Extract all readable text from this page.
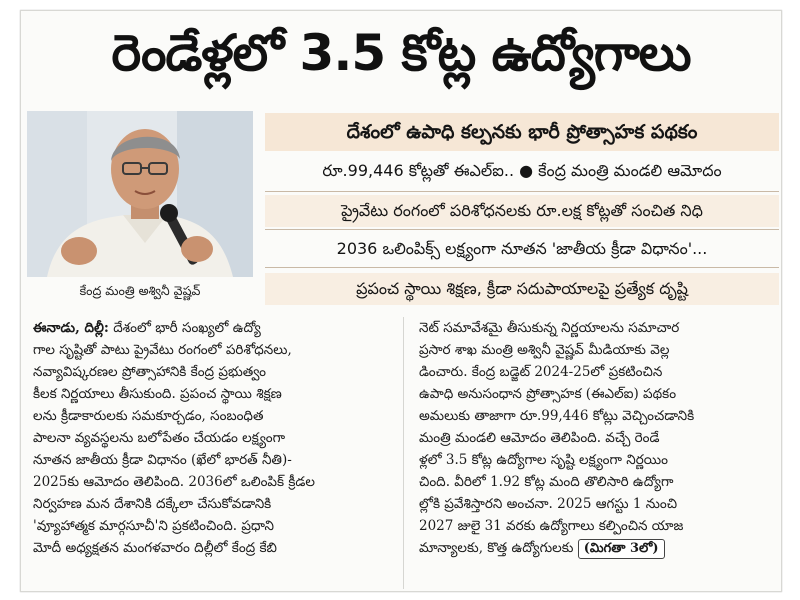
రెండేళ్లలో 3.5 కోట్ల ఉద్యోగాలు
కేంద్ర మంత్రి అశ్వినీ వైష్ణవ్
దేశంలో ఉపాధి కల్పనకు భారీ ప్రోత్సాహక పథకం
రూ.99,446 కోట్లతో ఈఎల్ఐ.. ● కేంద్ర మంత్రి మండలి ఆమోదం
ప్రైవేటు రంగంలో పరిశోధనలకు రూ.లక్ష కోట్లతో సంచిత నిధి
2036 ఒలింపిక్స్ లక్ష్యంగా నూతన 'జాతీయ క్రీడా విధానం'...
ప్రపంచ స్థాయి శిక్షణ, క్రీడా సదుపాయాలపై ప్రత్యేక దృష్టి

ఈనాడు, దిల్లీ: దేశంలో భారీ సంఖ్యలో ఉద్యో

గాల సృష్టితో పాటు ప్రైవేటు రంగంలో పరిశోధనలు,

నవ్యావిష్కరణల ప్రోత్సాహానికి కేంద్ర ప్రభుత్వం

కీలక నిర్ణయాలు తీసుకుంది. ప్రపంచ స్థాయి శిక్షణ

లను క్రీడాకారులకు సమకూర్చడం, సంబంధిత

పాలనా వ్యవస్థలను బలోపేతం చేయడం లక్ష్యంగా

నూతన జాతీయ క్రీడా విధానం (ఖేలో భారత్ నీతి)-

2025కు ఆమోదం తెలిపింది. 2036లో ఒలింపిక్ క్రీడల

నిర్వహణ మన దేశానికి దక్కేలా చేసుకోవడానికి

'వ్యూహాత్మక మార్గసూచీ'ని ప్రకటించింది. ప్రధాని

మోదీ అధ్యక్షతన మంగళవారం దిల్లీలో కేంద్ర కేబి

నెట్ సమావేశమై తీసుకున్న నిర్ణయాలను సమాచార

ప్రసార శాఖ మంత్రి అశ్వినీ వైష్ణవ్ మీడియాకు వెల్ల

డించారు. కేంద్ర బడ్జెట్ 2024-25లో ప్రకటించిన

ఉపాధి అనుసంధాన ప్రోత్సాహక (ఈఎల్ఐ) పథకం

అమలుకు తాజాగా రూ.99,446 కోట్లు వెచ్చించడానికి

మంత్రి మండలి ఆమోదం తెలిపింది. వచ్చే రెండే

ళ్లలో 3.5 కోట్ల ఉద్యోగాల సృష్టి లక్ష్యంగా నిర్ణయిం

చింది. వీరిలో 1.92 కోట్ల మంది తొలిసారి ఉద్యోగా

ల్లోకి ప్రవేశిస్తారని అంచనా. 2025 ఆగస్టు 1 నుంచి

2027 జులై 31 వరకు ఉద్యోగాలు కల్పించిన యాజ

మాన్యాలకు, కొత్త ఉద్యోగులకు (మిగతా 3లో)
